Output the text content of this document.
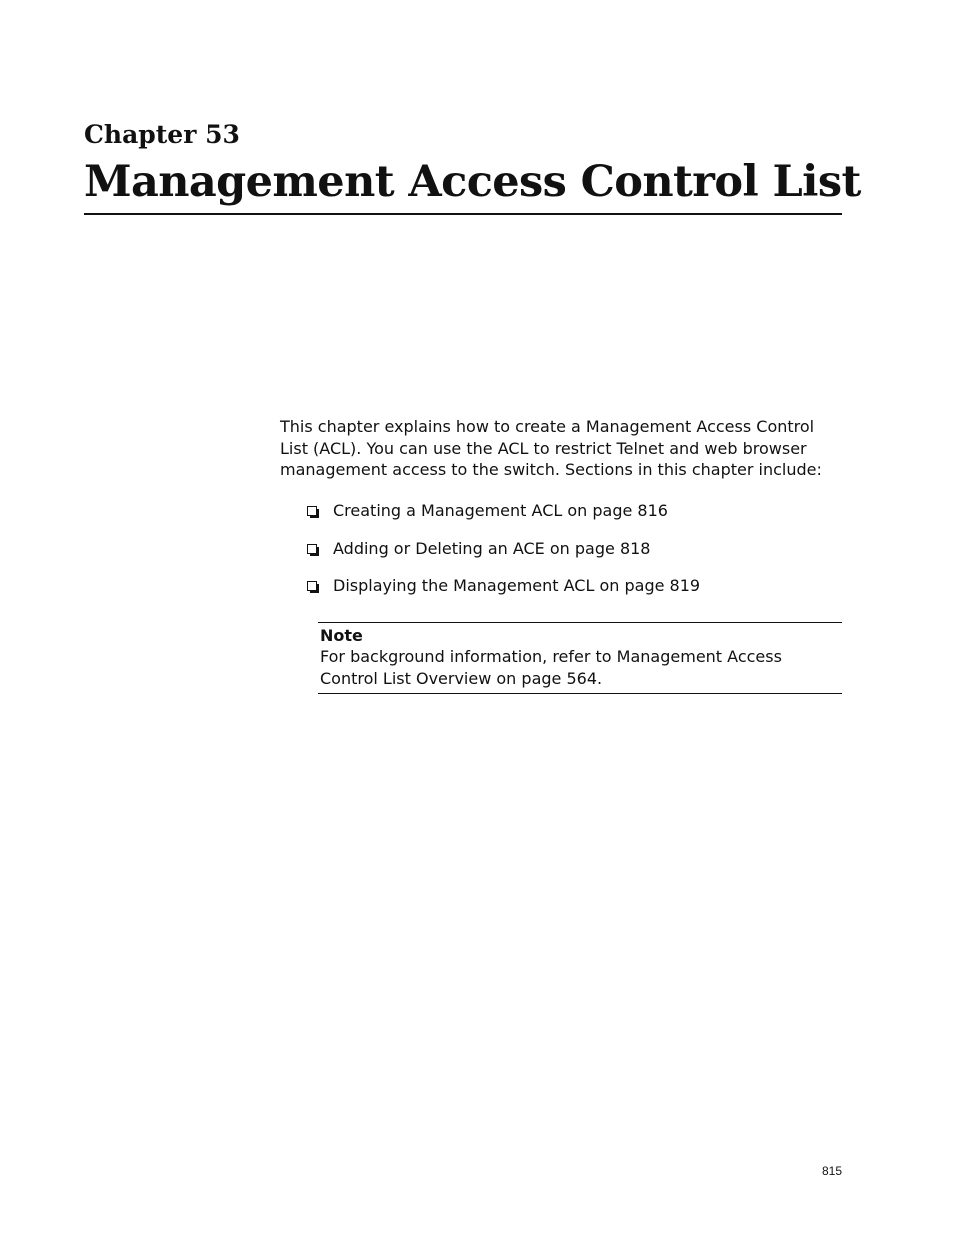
Chapter 53
Management Access Control List

This chapter explains how to create a Management Access Control List (ACL). You can use the ACL to restrict Telnet and web browser management access to the switch. Sections in this chapter include:

Creating a Management ACL on page 816
Adding or Deleting an ACE on page 818
Displaying the Management ACL on page 819

Note

For background information, refer to Management Access Control List Overview on page 564.

815
